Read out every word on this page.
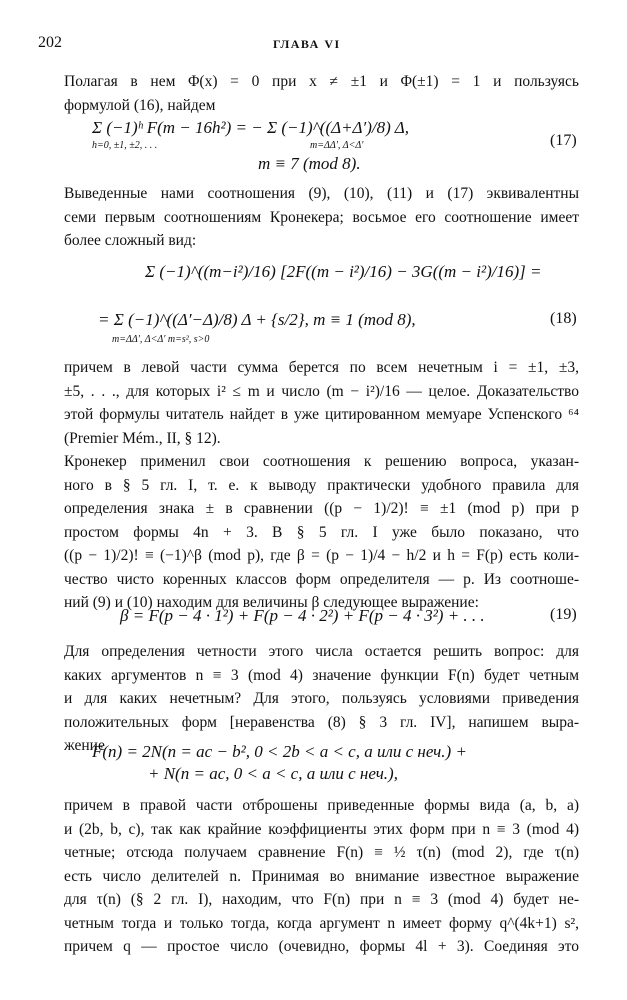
202	ГЛАВА VI
Полагая в нем Φ(x) = 0 при x ≠ ±1 и Φ(±1) = 1 и пользуясь
формулой (16), найдем
Σ (−1)ʰ F(m − 16h²) = − Σ (−1)^((Δ+Δ′)/8) Δ,
h=0, ±1, ±2, . . .	m=ΔΔ′, Δ<Δ′
m ≡ 7 (mod 8).
(17)
Выведенные нами соотношения (9), (10), (11) и (17) эквивалентны
семи первым соотношениям Кронекера; восьмое его соотношение имеет
более сложный вид:
Σ (−1)^((m−i²)/16) [2F((m − i²)/16) − 3G((m − i²)/16)] =
= Σ (−1)^((Δ′−Δ)/8) Δ + {s/2}, m ≡ 1 (mod 8),
m=ΔΔ′, Δ<Δ′ m=s², s>0
(18)
причем в левой части сумма берется по всем нечетным i = ±1, ±3,
±5, . . ., для которых i² ≤ m и число (m − i²)/16 — целое. Доказательство
этой формулы читатель найдет в уже цитированном мемуаре Успенского ⁶⁴
(Premier Mém., II, § 12).
Кронекер применил свои соотношения к решению вопроса, указан-
ного в § 5 гл. I, т. е. к выводу практически удобного правила для
определения знака ± в сравнении ((p − 1)/2)! ≡ ±1 (mod p) при p
простом формы 4n + 3. В § 5 гл. I уже было показано, что
((p − 1)/2)! ≡ (−1)^β (mod p), где β = (p − 1)/4 − h/2 и h = F(p) есть коли-
чество чисто коренных классов форм определителя — p. Из соотноше-
ний (9) и (10) находим для величины β следующее выражение:
β = F(p − 4 · 1²) + F(p − 4 · 2²) + F(p − 4 · 3²) + . . .	(19)
Для определения четности этого числа остается решить вопрос: для
каких аргументов n ≡ 3 (mod 4) значение функции F(n) будет четным
и для каких нечетным? Для этого, пользуясь условиями приведения
положительных форм [неравенства (8) § 3 гл. IV], напишем выра-
жение
F(n) = 2N(n = ac − b², 0 < 2b < a < c, a или c неч.) +
+ N(n = ac, 0 < a < c, a или c неч.),
причем в правой части отброшены приведенные формы вида (a, b, a)
и (2b, b, c), так как крайние коэффициенты этих форм при n ≡ 3 (mod 4)
четные; отсюда получаем сравнение F(n) ≡ ½ τ(n) (mod 2), где τ(n)
есть число делителей n. Принимая во внимание известное выражение
для τ(n) (§ 2 гл. I), находим, что F(n) при n ≡ 3 (mod 4) будет не-
четным тогда и только тогда, когда аргумент n имеет форму q^(4k+1) s²,
причем q — простое число (очевидно, формы 4l + 3). Соединяя это
